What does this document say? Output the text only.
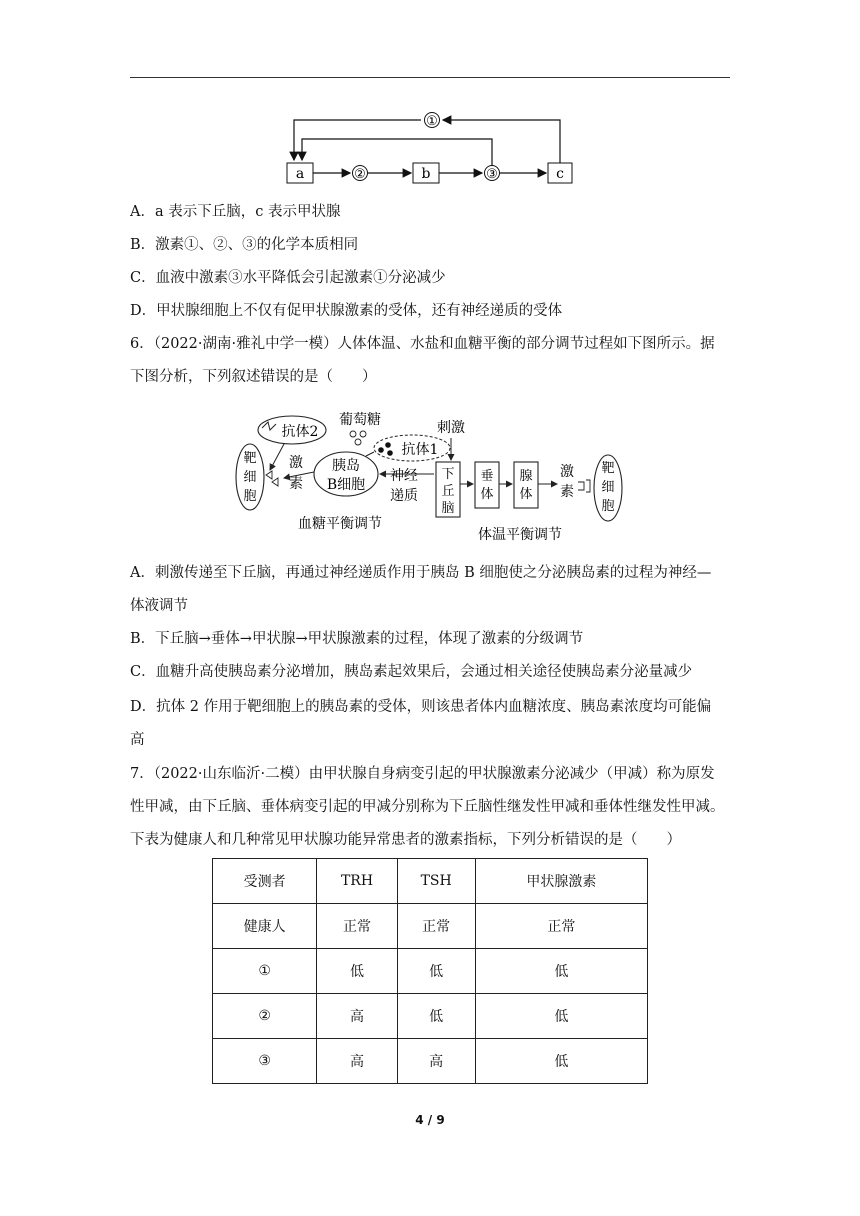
①
a	b	c
②	③
A．a 表示下丘脑，c 表示甲状腺
B．激素①、②、③的化学本质相同
C．血液中激素③水平降低会引起激素①分泌减少
D．甲状腺细胞上不仅有促甲状腺激素的受体，还有神经递质的受体
6．（2022·湖南·雅礼中学一模）人体体温、水盐和血糖平衡的部分调节过程如下图所示。据
下图分析，下列叙述错误的是（　　）
抗体2
靶
细
胞
激
素
葡萄糖
胰岛
B细胞
抗体1
刺激
神经
递质
下
丘
脑
垂
体
腺
体
激
素
靶
细
胞
血糖平衡调节
体温平衡调节
A．刺激传递至下丘脑，再通过神经递质作用于胰岛 B 细胞使之分泌胰岛素的过程为神经—
体液调节
B．下丘脑→垂体→甲状腺→甲状腺激素的过程，体现了激素的分级调节
C．血糖升高使胰岛素分泌增加，胰岛素起效果后，会通过相关途径使胰岛素分泌量减少
D．抗体 2 作用于靶细胞上的胰岛素的受体，则该患者体内血糖浓度、胰岛素浓度均可能偏
高
7．（2022·山东临沂·二模）由甲状腺自身病变引起的甲状腺激素分泌减少（甲减）称为原发
性甲减，由下丘脑、垂体病变引起的甲减分别称为下丘脑性继发性甲减和垂体性继发性甲减。
下表为健康人和几种常见甲状腺功能异常患者的激素指标，下列分析错误的是（　　）
受测者	TRH	TSH	甲状腺激素
健康人	正常	正常	正常
①	低	低	低
②	高	低	低
③	高	高	低
4 / 9
